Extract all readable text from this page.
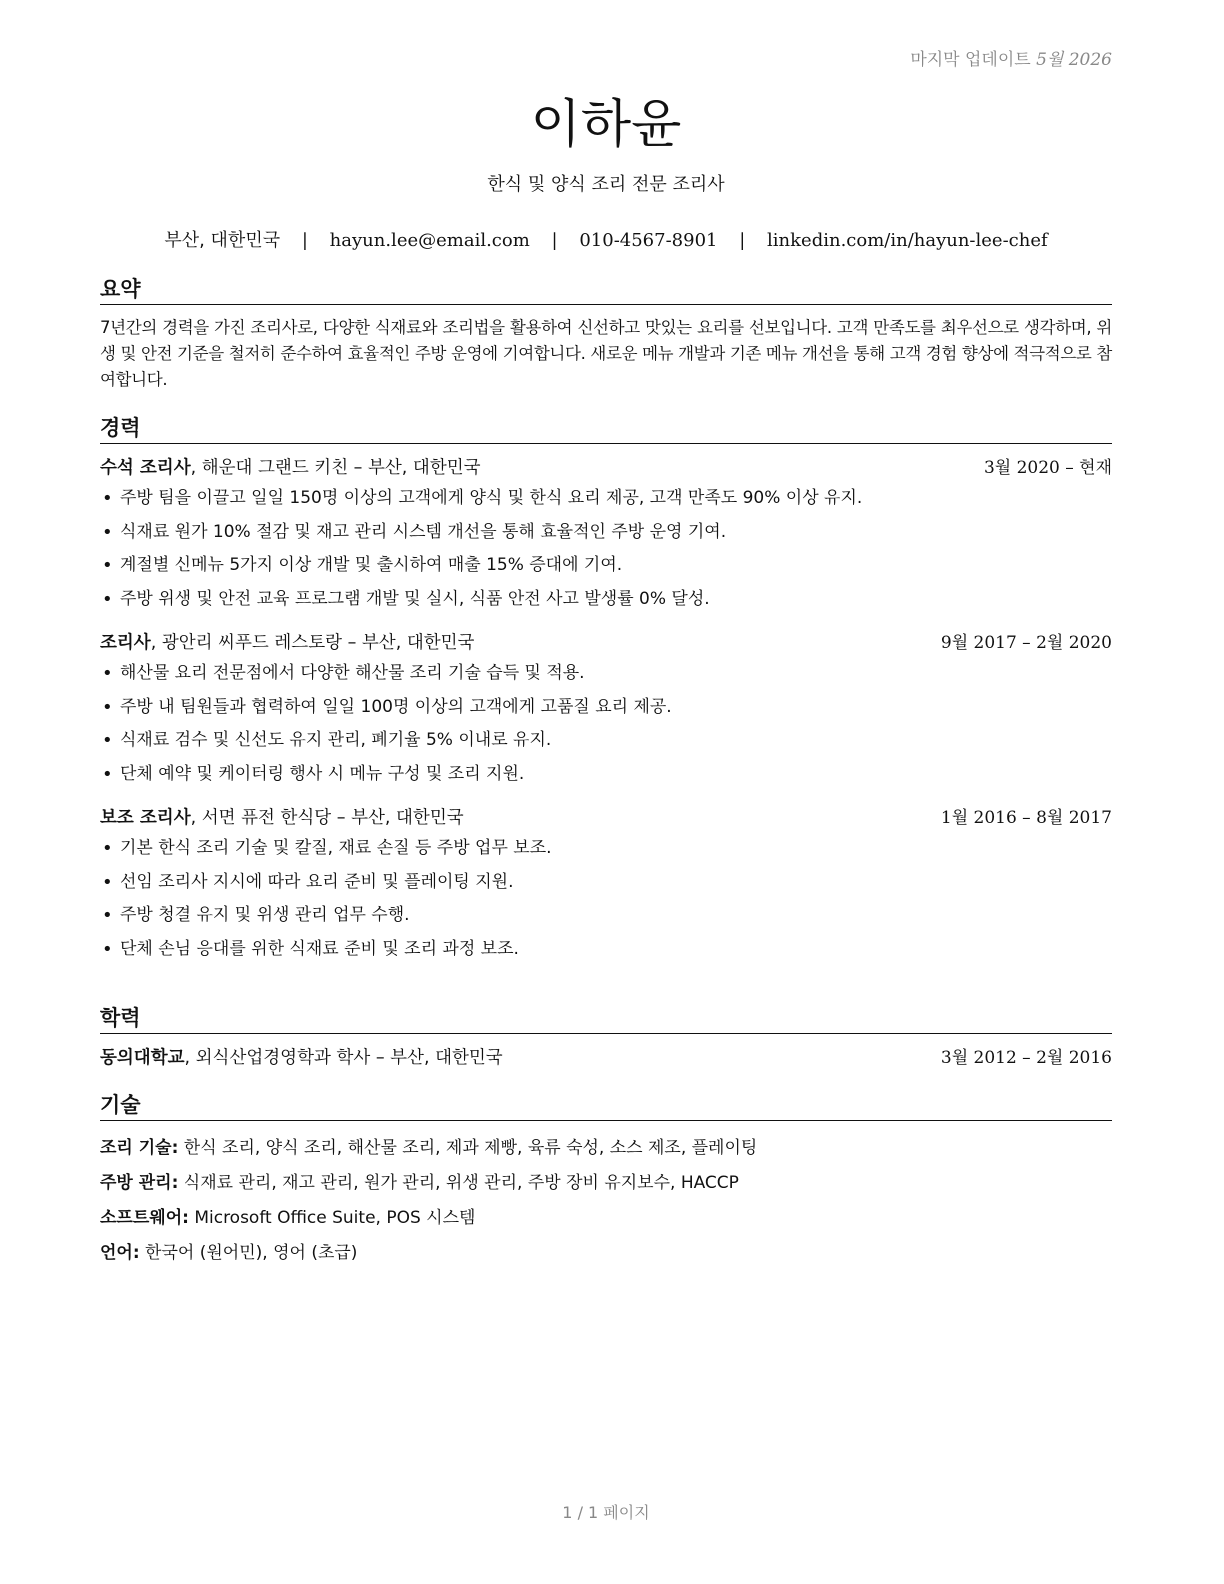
마지막 업데이트 5월 2026
이하윤
한식 및 양식 조리 전문 조리사
부산, 대한민국 | hayun.lee@email.com | 010-4567-8901 | linkedin.com/in/hayun-lee-chef
요약

7년간의 경력을 가진 조리사로, 다양한 식재료와 조리법을 활용하여 신선하고 맛있는 요리를 선보입니다. 고객 만족도를 최우선으로 생각하며, 위생 및 안전 기준을 철저히 준수하여 효율적인 주방 운영에 기여합니다. 새로운 메뉴 개발과 기존 메뉴 개선을 통해 고객 경험 향상에 적극적으로 참여합니다.

경력
수석 조리사, 해운대 그랜드 키친 – 부산, 대한민국	3월 2020 – 현재
• 주방 팀을 이끌고 일일 150명 이상의 고객에게 양식 및 한식 요리 제공, 고객 만족도 90% 이상 유지.
• 식재료 원가 10% 절감 및 재고 관리 시스템 개선을 통해 효율적인 주방 운영 기여.
• 계절별 신메뉴 5가지 이상 개발 및 출시하여 매출 15% 증대에 기여.
• 주방 위생 및 안전 교육 프로그램 개발 및 실시, 식품 안전 사고 발생률 0% 달성.
조리사, 광안리 씨푸드 레스토랑 – 부산, 대한민국	9월 2017 – 2월 2020
• 해산물 요리 전문점에서 다양한 해산물 조리 기술 습득 및 적용.
• 주방 내 팀원들과 협력하여 일일 100명 이상의 고객에게 고품질 요리 제공.
• 식재료 검수 및 신선도 유지 관리, 폐기율 5% 이내로 유지.
• 단체 예약 및 케이터링 행사 시 메뉴 구성 및 조리 지원.
보조 조리사, 서면 퓨전 한식당 – 부산, 대한민국	1월 2016 – 8월 2017
• 기본 한식 조리 기술 및 칼질, 재료 손질 등 주방 업무 보조.
• 선임 조리사 지시에 따라 요리 준비 및 플레이팅 지원.
• 주방 청결 유지 및 위생 관리 업무 수행.
• 단체 손님 응대를 위한 식재료 준비 및 조리 과정 보조.
학력
동의대학교, 외식산업경영학과 학사 – 부산, 대한민국	3월 2012 – 2월 2016
기술
조리 기술: 한식 조리, 양식 조리, 해산물 조리, 제과 제빵, 육류 숙성, 소스 제조, 플레이팅
주방 관리: 식재료 관리, 재고 관리, 원가 관리, 위생 관리, 주방 장비 유지보수, HACCP
소프트웨어: Microsoft Office Suite, POS 시스템
언어: 한국어 (원어민), 영어 (초급)
1 / 1 페이지
